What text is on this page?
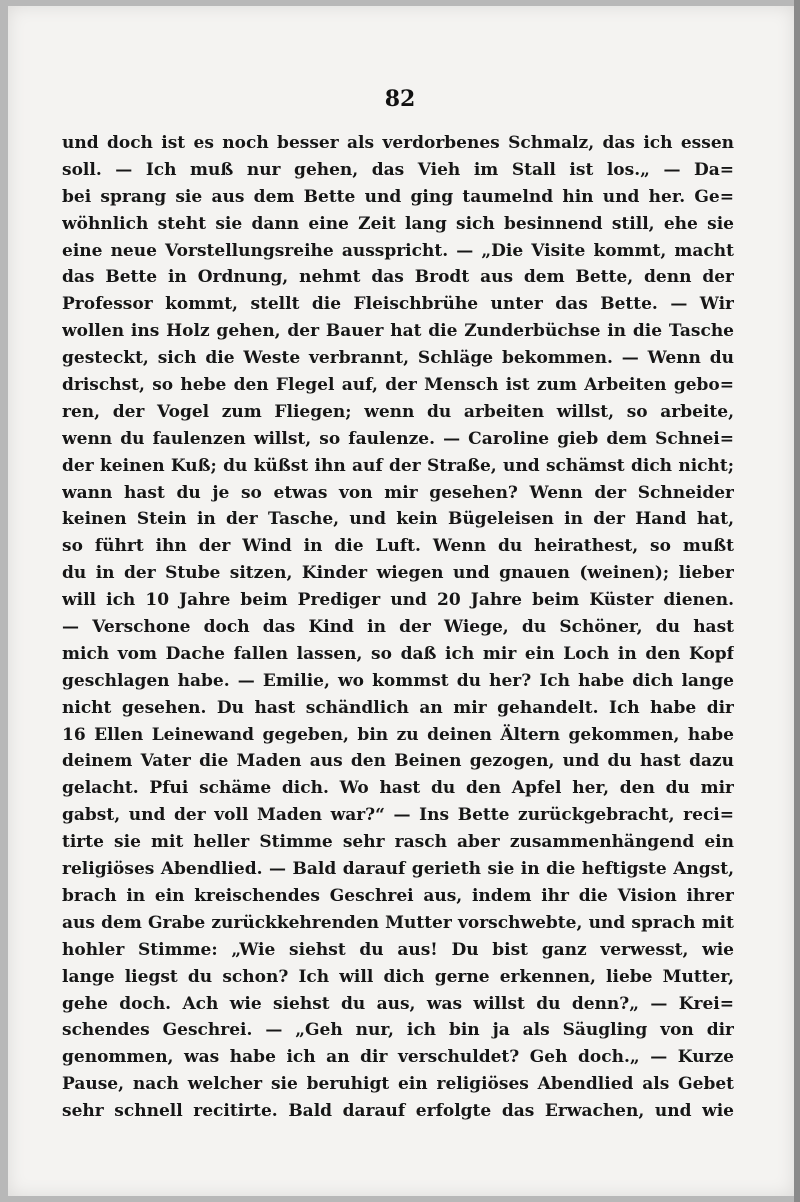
82
und doch ist es noch besser als verdorbenes Schmalz, das ich essen
soll. — Ich muß nur gehen, das Vieh im Stall ist los.„ — Da=
bei sprang sie aus dem Bette und ging taumelnd hin und her. Ge=
wöhnlich steht sie dann eine Zeit lang sich besinnend still, ehe sie
eine neue Vorstellungsreihe ausspricht. — „Die Visite kommt, macht
das Bette in Ordnung, nehmt das Brodt aus dem Bette, denn der
Professor kommt, stellt die Fleischbrühe unter das Bette. — Wir
wollen ins Holz gehen, der Bauer hat die Zunderbüchse in die Tasche
gesteckt, sich die Weste verbrannt, Schläge bekommen. — Wenn du
drischst, so hebe den Flegel auf, der Mensch ist zum Arbeiten gebo=
ren, der Vogel zum Fliegen; wenn du arbeiten willst, so arbeite,
wenn du faulenzen willst, so faulenze. — Caroline gieb dem Schnei=
der keinen Kuß; du küßst ihn auf der Straße, und schämst dich nicht;
wann hast du je so etwas von mir gesehen? Wenn der Schneider
keinen Stein in der Tasche, und kein Bügeleisen in der Hand hat,
so führt ihn der Wind in die Luft. Wenn du heirathest, so mußt
du in der Stube sitzen, Kinder wiegen und gnauen (weinen); lieber
will ich 10 Jahre beim Prediger und 20 Jahre beim Küster dienen.
— Verschone doch das Kind in der Wiege, du Schöner, du hast
mich vom Dache fallen lassen, so daß ich mir ein Loch in den Kopf
geschlagen habe. — Emilie, wo kommst du her? Ich habe dich lange
nicht gesehen. Du hast schändlich an mir gehandelt. Ich habe dir
16 Ellen Leinewand gegeben, bin zu deinen Ältern gekommen, habe
deinem Vater die Maden aus den Beinen gezogen, und du hast dazu
gelacht. Pfui schäme dich. Wo hast du den Apfel her, den du mir
gabst, und der voll Maden war?“ — Ins Bette zurückgebracht, reci=
tirte sie mit heller Stimme sehr rasch aber zusammenhängend ein
religiöses Abendlied. — Bald darauf gerieth sie in die heftigste Angst,
brach in ein kreischendes Geschrei aus, indem ihr die Vision ihrer
aus dem Grabe zurückkehrenden Mutter vorschwebte, und sprach mit
hohler Stimme: „Wie siehst du aus! Du bist ganz verwesst, wie
lange liegst du schon? Ich will dich gerne erkennen, liebe Mutter,
gehe doch. Ach wie siehst du aus, was willst du denn?„ — Krei=
schendes Geschrei. — „Geh nur, ich bin ja als Säugling von dir
genommen, was habe ich an dir verschuldet? Geh doch.„ — Kurze
Pause, nach welcher sie beruhigt ein religiöses Abendlied als Gebet
sehr schnell recitirte. Bald darauf erfolgte das Erwachen, und wie
